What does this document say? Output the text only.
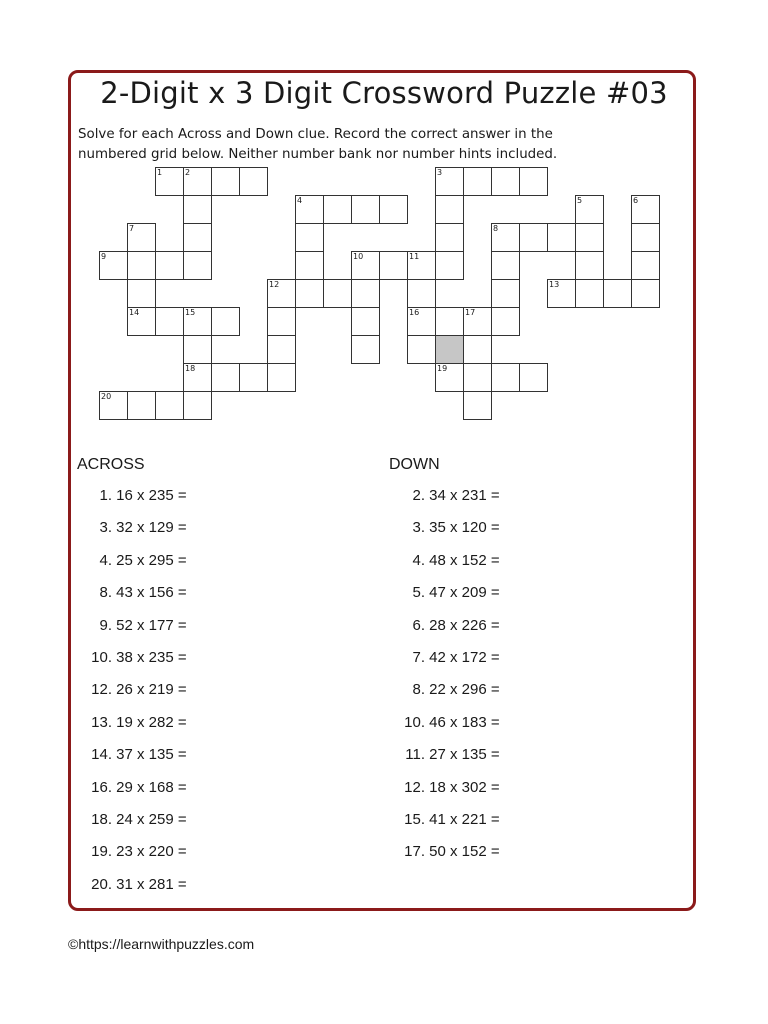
2-Digit x 3 Digit Crossword Puzzle #03
Solve for each Across and Down clue. Record the correct answer in the
numbered grid below. Neither number bank nor number hints included.
1	2	3
4	5	6
7	8
9	10	11
12	13
14	15	16	17
18	19
20
ACROSS	DOWN
1. 16 x 235 =
3. 32 x 129 =
4. 25 x 295 =
8. 43 x 156 =
9. 52 x 177 =
10. 38 x 235 =
12. 26 x 219 =
13. 19 x 282 =
14. 37 x 135 =
16. 29 x 168 =
18. 24 x 259 =
19. 23 x 220 =
20. 31 x 281 =
2. 34 x 231 =
3. 35 x 120 =
4. 48 x 152 =
5. 47 x 209 =
6. 28 x 226 =
7. 42 x 172 =
8. 22 x 296 =
10. 46 x 183 =
11. 27 x 135 =
12. 18 x 302 =
15. 41 x 221 =
17. 50 x 152 =
©https://learnwithpuzzles.com
